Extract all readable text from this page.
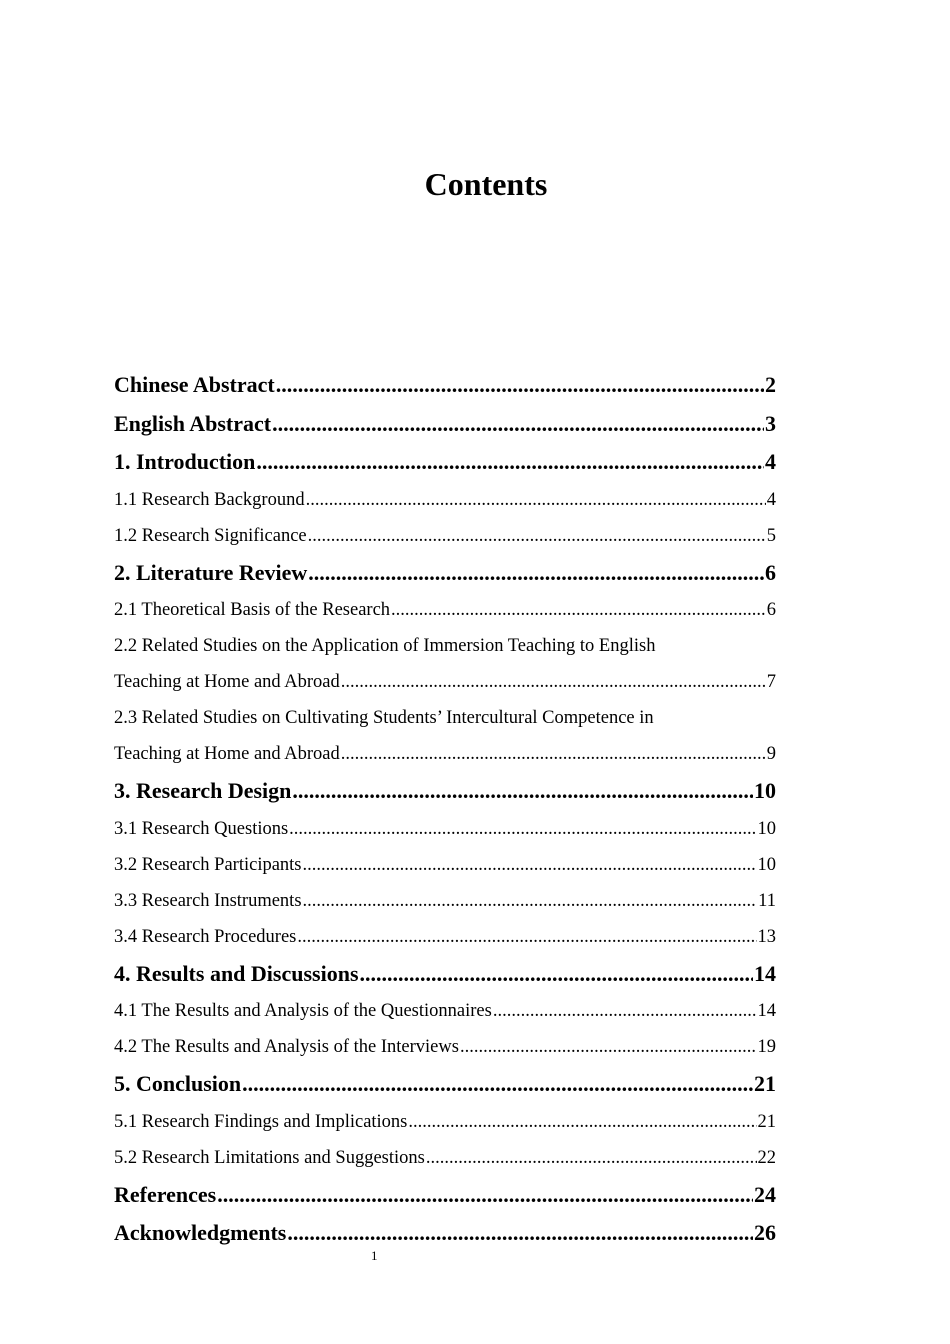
Contents
Chinese Abstract .....	2
English Abstract .....	3
1. Introduction .....	4
1.1 Research Background .....	4
1.2 Research Significance .....	5
2. Literature Review .....	6
2.1 Theoretical Basis of the Research .....	6
2.2 Related Studies on the Application of Immersion Teaching to English
Teaching at Home and Abroad .....	7
2.3 Related Studies on Cultivating Students’ Intercultural Competence in
Teaching at Home and Abroad .....	9
3. Research Design .....	10
3.1 Research Questions .....	10
3.2 Research Participants .....	10
3.3 Research Instruments .....	11
3.4 Research Procedures .....	13
4. Results and Discussions .....	14
4.1 The Results and Analysis of the Questionnaires .....	14
4.2 The Results and Analysis of the Interviews .....	19
5. Conclusion .....	21
5.1 Research Findings and Implications .....	21
5.2 Research Limitations and Suggestions .....	22
References .....	24
Acknowledgments .....	26
1
